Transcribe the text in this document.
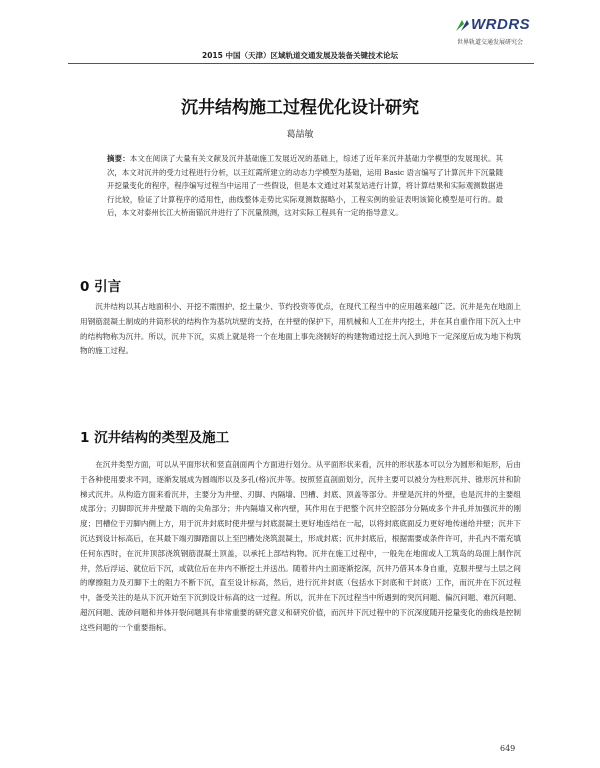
WRDRS
世界轨道交通发展研究会
2015 中国（天津）区域轨道交通发展及装备关键技术论坛
沉井结构施工过程优化设计研究
葛喆敏
摘要：本文在阅读了大量有关文献及沉井基础施工发展近况的基础上，综述了近年来沉井基础力学模型的发展现状。其次，本文对沉井的受力过程进行分析，以王红霞所建立的动态力学模型为基础，运用 Basic 语言编写了计算沉井下沉量随开挖量变化的程序，程序编写过程当中运用了一些假设，但是本文通过对某泵站进行计算，将计算结果和实际观测数据进行比较，验证了计算程序的适用性，曲线整体走势比实际观测数据略小，工程实例的验证表明该简化模型是可行的。最后，本文对泰州长江大桥南锚沉井进行了下沉量预测，这对实际工程具有一定的指导意义。
0 引言
沉井结构以其占地面积小、开挖不需围护、挖土量少、节约投资等优点，在现代工程当中的应用越来越广泛。沉井是先在地面上用钢筋混凝土制成的井筒形状的结构作为基坑坑壁的支持，在井壁的保护下，用机械和人工在井内挖土，并在其自重作用下沉入土中的结构物称为沉井。所以，沉井下沉，实质上就是将一个在地面上事先浇制好的构建物通过挖土沉入到地下一定深度后成为地下构筑物的施工过程。
1 沉井结构的类型及施工
在沉井类型方面，可以从平面形状和竖直剖面两个方面进行划分。从平面形状来看，沉井的形状基本可以分为圆形和矩形，后由于各种使用要求不同，逐渐发展成为圆端形以及多孔(格)沉井等。按照竖直剖面划分，沉井主要可以被分为柱形沉井、锥形沉井和阶梯式沉井。从构造方面来看沉井，主要分为井壁、刃脚、内隔墙、凹槽、封底、顶盖等部分。井壁是沉井的外壁，也是沉井的主要组成部分；刃脚即沉井井壁最下端的尖角部分；井内隔墙又称内壁，其作用在于把整个沉井空腔部分分隔成多个井孔并加强沉井的刚度；凹槽位于刃脚内侧上方，用于沉井封底时使井壁与封底混凝土更好地连结在一起，以将封底底面反力更好地传递给井壁；沉井下沉达到设计标高后，在其最下端刃脚踏面以上至凹槽处浇筑混凝土，形成封底；沉井封底后，根据需要或条件许可，井孔内不需充填任何东西时，在沉井顶部浇筑钢筋混凝土顶盖，以承托上部结构物。沉井在施工过程中，一般先在地面或人工筑岛的岛面上制作沉井，然后浮运、就位后下沉，或就位后在井内不断挖土并送出。随着井内土面逐渐挖深，沉井乃借其本身自重，克服井壁与土层之间的摩擦阻力及刃脚下土的阻力不断下沉，直至设计标高，然后，进行沉井封底（包括水下封底和干封底）工作，而沉井在下沉过程中，备受关注的是从下沉开始至下沉到设计标高的这一过程。所以，沉井在下沉过程当中所遇到的突沉问题、偏沉问题、难沉问题、超沉问题、流砂问题和井体开裂问题具有非常重要的研究意义和研究价值，而沉井下沉过程中的下沉深度随开挖量变化的曲线是控制这些问题的一个重要指标。
649
